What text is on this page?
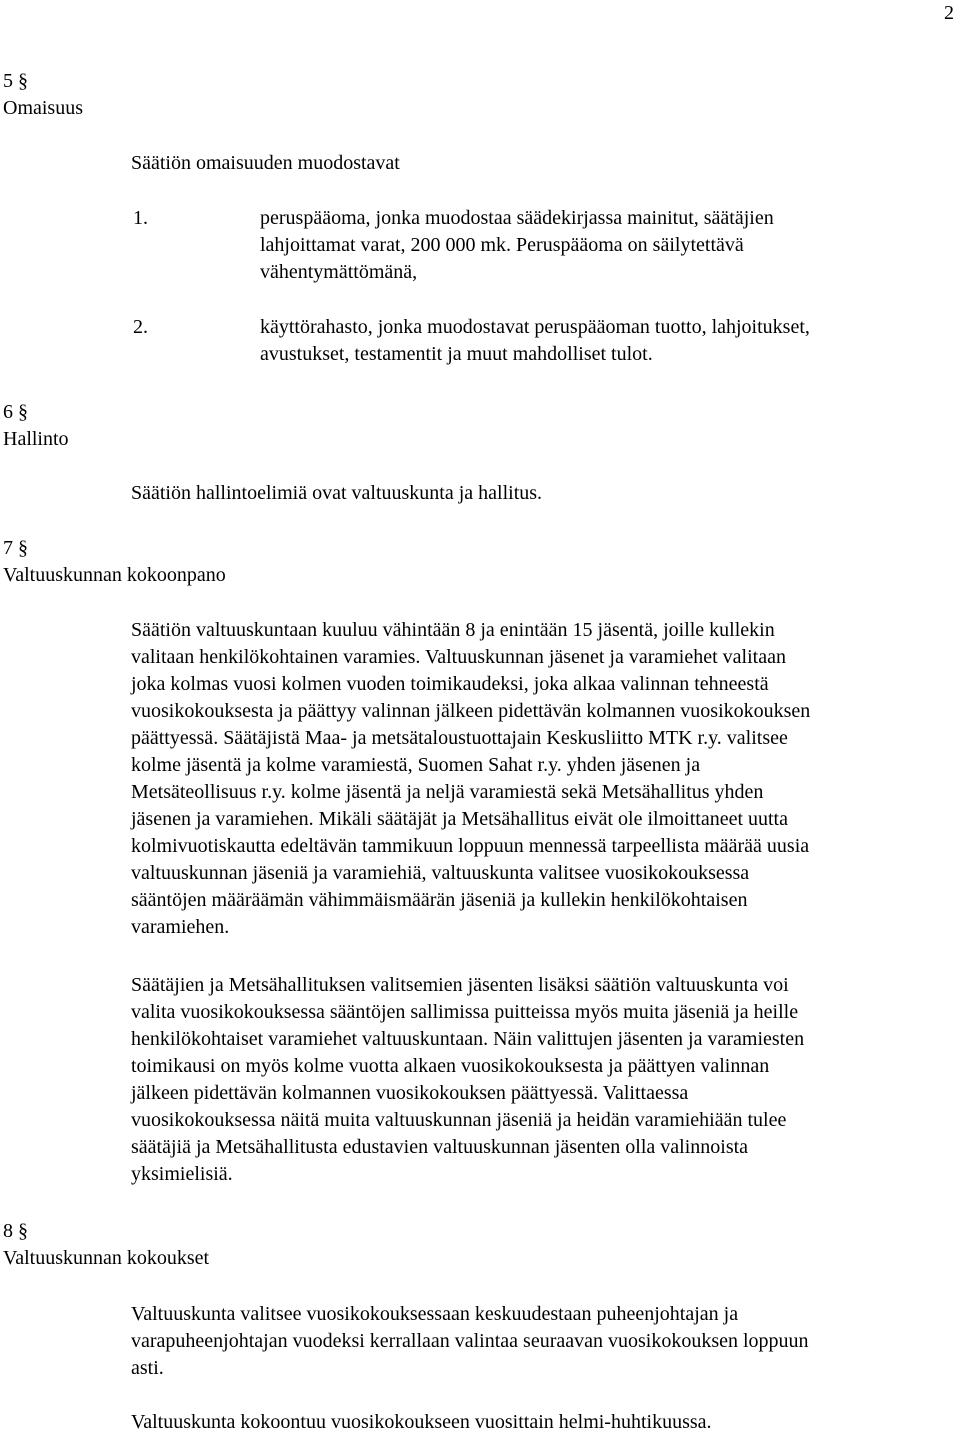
2
5 §
Omaisuus

Säätiön omaisuuden muodostavat

1.	peruspääoma, jonka muodostaa säädekirjassa mainitut, säätäjien
lahjoittamat varat, 200 000 mk. Peruspääoma on säilytettävä
vähentymättömänä,
2.	käyttörahasto, jonka muodostavat peruspääoman tuotto, lahjoitukset,
avustukset, testamentit ja muut mahdolliset tulot.
6 §
Hallinto
Säätiön hallintoelimiä ovat valtuuskunta ja hallitus.
7 §
Valtuuskunnan kokoonpano
Säätiön valtuuskuntaan kuuluu vähintään 8 ja enintään 15 jäsentä, joille kullekin
valitaan henkilökohtainen varamies. Valtuuskunnan jäsenet ja varamiehet valitaan
joka kolmas vuosi kolmen vuoden toimikaudeksi, joka alkaa valinnan tehneestä
vuosikokouksesta ja päättyy valinnan jälkeen pidettävän kolmannen vuosikokouksen
päättyessä. Säätäjistä Maa- ja metsätaloustuottajain Keskusliitto MTK r.y. valitsee
kolme jäsentä ja kolme varamiestä, Suomen Sahat r.y. yhden jäsenen ja
Metsäteollisuus r.y. kolme jäsentä ja neljä varamiestä sekä Metsähallitus yhden
jäsenen ja varamiehen. Mikäli säätäjät ja Metsähallitus eivät ole ilmoittaneet uutta
kolmivuotiskautta edeltävän tammikuun loppuun mennessä tarpeellista määrää uusia
valtuuskunnan jäseniä ja varamiehiä, valtuuskunta valitsee vuosikokouksessa
sääntöjen määräämän vähimmäismäärän jäseniä ja kullekin henkilökohtaisen
varamiehen.
Säätäjien ja Metsähallituksen valitsemien jäsenten lisäksi säätiön valtuuskunta voi
valita vuosikokouksessa sääntöjen sallimissa puitteissa myös muita jäseniä ja heille
henkilökohtaiset varamiehet valtuuskuntaan. Näin valittujen jäsenten ja varamiesten
toimikausi on myös kolme vuotta alkaen vuosikokouksesta ja päättyen valinnan
jälkeen pidettävän kolmannen vuosikokouksen päättyessä. Valittaessa
vuosikokouksessa näitä muita valtuuskunnan jäseniä ja heidän varamiehiään tulee
säätäjiä ja Metsähallitusta edustavien valtuuskunnan jäsenten olla valinnoista
yksimielisiä.
8 §
Valtuuskunnan kokoukset
Valtuuskunta valitsee vuosikokouksessaan keskuudestaan puheenjohtajan ja
varapuheenjohtajan vuodeksi kerrallaan valintaa seuraavan vuosikokouksen loppuun
asti.
Valtuuskunta kokoontuu vuosikokoukseen vuosittain helmi-huhtikuussa.
